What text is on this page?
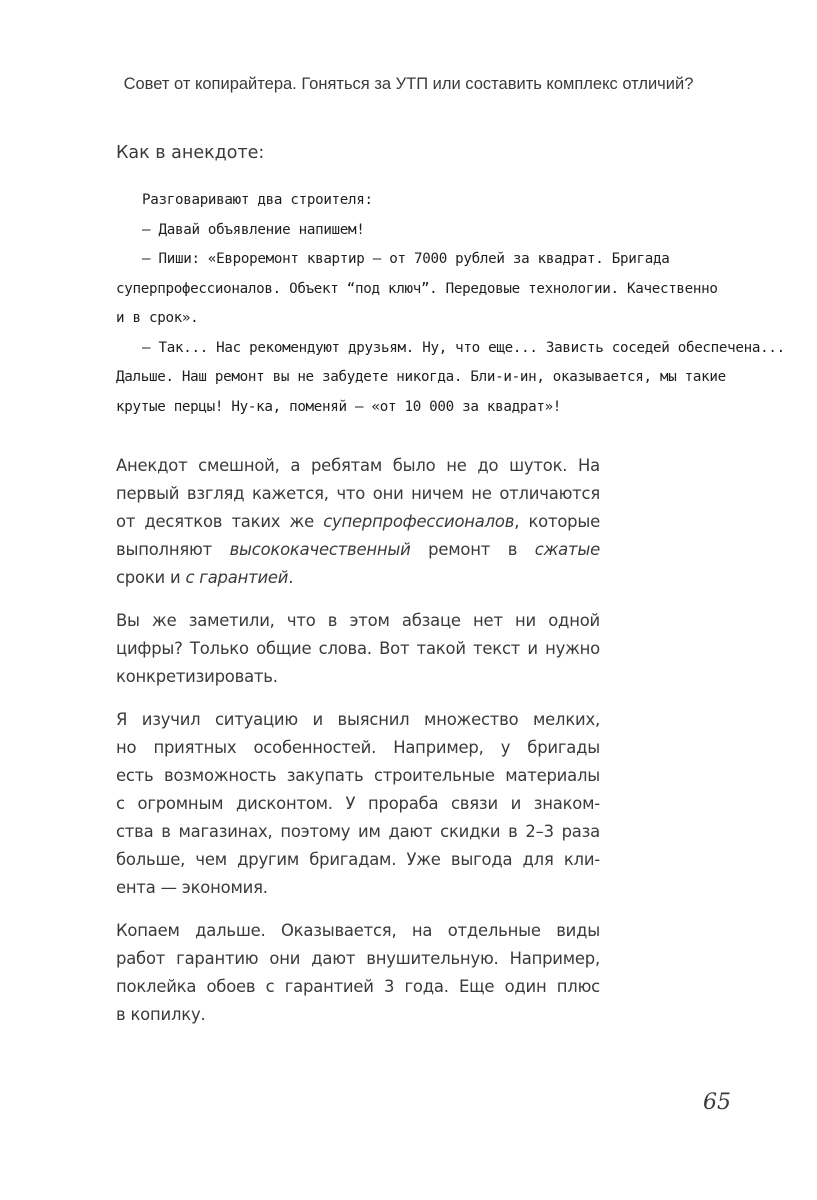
Совет от копирайтера. Гоняться за УТП или составить комплекс отличий?
Как в анекдоте:
Разговаривают два строителя:
— Давай объявление напишем!
— Пиши: «Евроремонт квартир — от 7000 рублей за квадрат. Бригада
суперпрофессионалов. Объект “под ключ”. Передовые технологии. Качественно
и в срок».
— Так... Нас рекомендуют друзьям. Ну, что еще... Зависть соседей обеспечена...
Дальше. Наш ремонт вы не забудете никогда. Бли-и-ин, оказывается, мы такие
крутые перцы! Ну-ка, поменяй — «от 10 000 за квадрат»!

Анекдот смешной, а ребятам было не до шуток. На
первый взгляд кажется, что они ничем не отличаются
от десятков таких же суперпрофессионалов, которые
выполняют высококачественный ремонт в сжатые
сроки и с гарантией.

Вы же заметили, что в этом абзаце нет ни одной
цифры? Только общие слова. Вот такой текст и нужно
конкретизировать.

Я изучил ситуацию и выяснил множество мелких,
но приятных особенностей. Например, у бригады
есть возможность закупать строительные материалы
с огромным дисконтом. У прораба связи и знаком-
ства в магазинах, поэтому им дают скидки в 2–3 раза
больше, чем другим бригадам. Уже выгода для кли-
ента — экономия.

Копаем дальше. Оказывается, на отдельные виды
работ гарантию они дают внушительную. Например,
поклейка обоев с гарантией 3 года. Еще один плюс
в копилку.

65
